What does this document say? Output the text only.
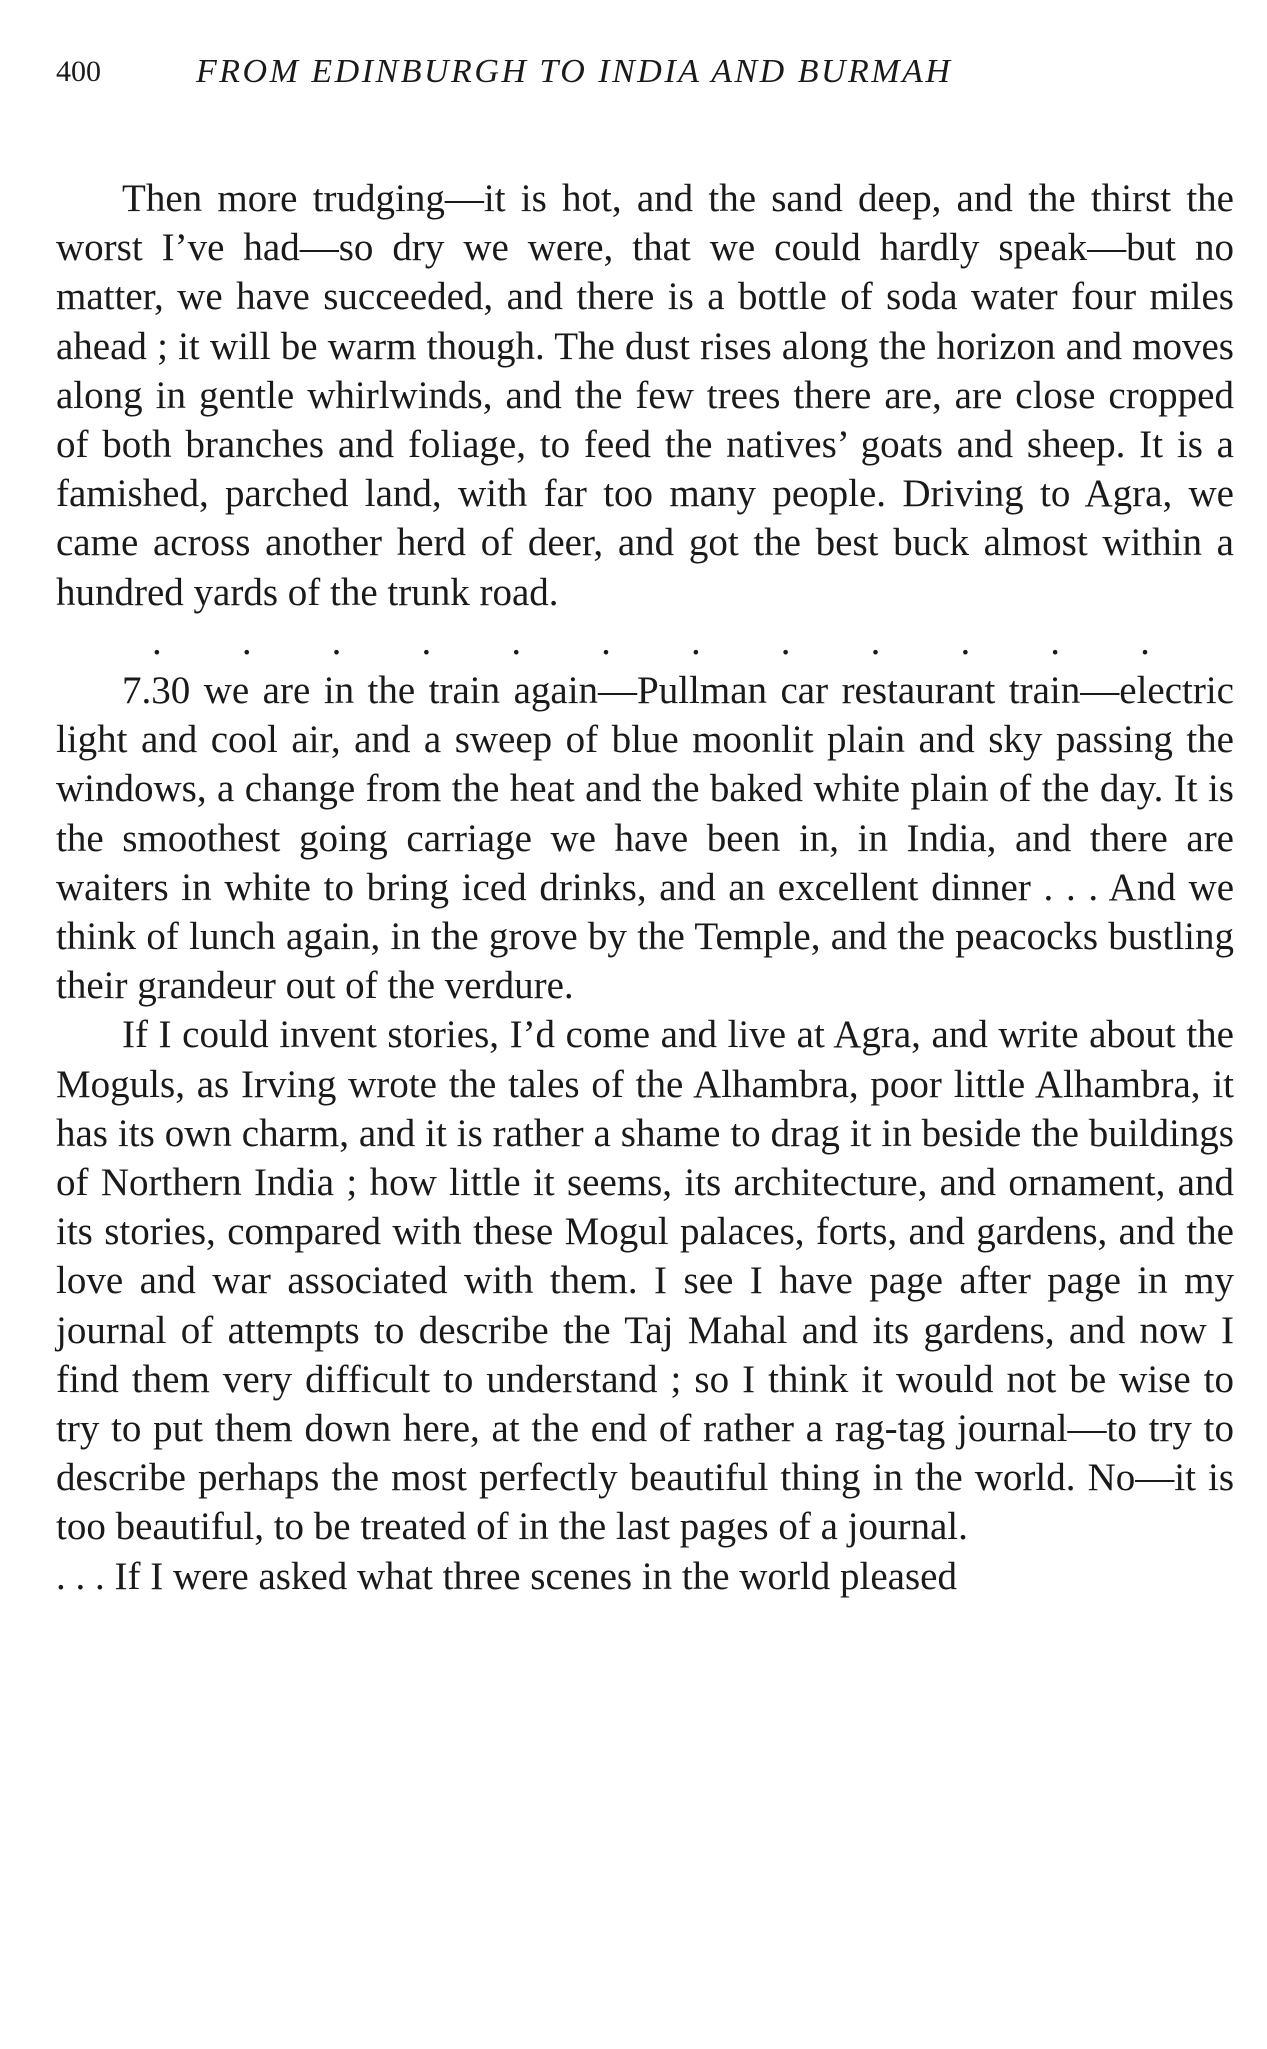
400	FROM EDINBURGH TO INDIA AND BURMAH

Then more trudging—it is hot, and the sand deep, and the thirst the worst I’ve had—so dry we were, that we could hardly speak—but no matter, we have succeeded, and there is a bottle of soda water four miles ahead ; it will be warm though. The dust rises along the horizon and moves along in gentle whirlwinds, and the few trees there are, are close cropped of both branches and foliage, to feed the natives’ goats and sheep. It is a famished, parched land, with far too many people. Driving to Agra, we came across another herd of deer, and got the best buck almost within a hundred yards of the trunk road.

. . . . . . . . . . . .

7.30 we are in the train again—Pullman car restaurant train—electric light and cool air, and a sweep of blue moonlit plain and sky passing the windows, a change from the heat and the baked white plain of the day. It is the smoothest going carriage we have been in, in India, and there are waiters in white to bring iced drinks, and an excellent dinner . . . And we think of lunch again, in the grove by the Temple, and the peacocks bustling their grandeur out of the verdure.

If I could invent stories, I’d come and live at Agra, and write about the Moguls, as Irving wrote the tales of the Alhambra, poor little Alhambra, it has its own charm, and it is rather a shame to drag it in beside the buildings of Northern India ; how little it seems, its architecture, and ornament, and its stories, compared with these Mogul palaces, forts, and gardens, and the love and war associated with them. I see I have page after page in my journal of attempts to describe the Taj Mahal and its gardens, and now I find them very difficult to understand ; so I think it would not be wise to try to put them down here, at the end of rather a rag-tag journal—to try to describe perhaps the most perfectly beautiful thing in the world. No—it is too beautiful, to be treated of in the last pages of a journal.

. . . If I were asked what three scenes in the world pleased
